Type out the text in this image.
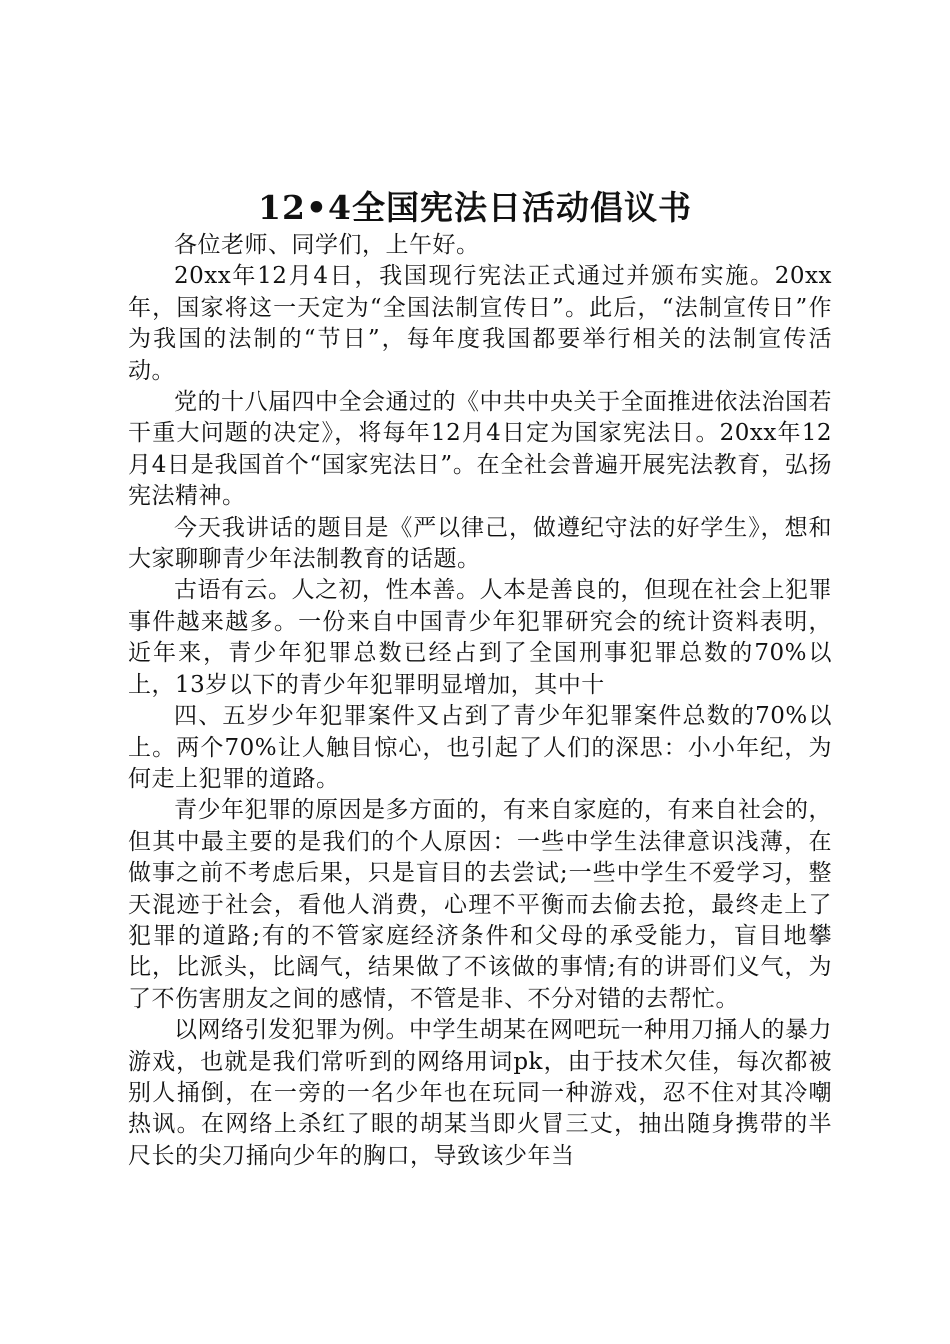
12•4全国宪法日活动倡议书

各位老师、同学们，上午好。

20xx年12月4日，我国现行宪法正式通过并颁布实施。20xx年，国家将这一天定为“全国法制宣传日”。此后，“法制宣传日”作为我国的法制的“节日”，每年度我国都要举行相关的法制宣传活动。

党的十八届四中全会通过的《中共中央关于全面推进依法治国若干重大问题的决定》，将每年12月4日定为国家宪法日。20xx年12月4日是我国首个“国家宪法日”。在全社会普遍开展宪法教育，弘扬宪法精神。

今天我讲话的题目是《严以律己，做遵纪守法的好学生》，想和大家聊聊青少年法制教育的话题。

古语有云。人之初，性本善。人本是善良的，但现在社会上犯罪事件越来越多。一份来自中国青少年犯罪研究会的统计资料表明，近年来，青少年犯罪总数已经占到了全国刑事犯罪总数的70%以上，13岁以下的青少年犯罪明显增加，其中十

四、五岁少年犯罪案件又占到了青少年犯罪案件总数的70%以上。两个70%让人触目惊心，也引起了人们的深思：小小年纪，为何走上犯罪的道路。

青少年犯罪的原因是多方面的，有来自家庭的，有来自社会的，但其中最主要的是我们的个人原因：一些中学生法律意识浅薄，在做事之前不考虑后果，只是盲目的去尝试;一些中学生不爱学习，整天混迹于社会，看他人消费，心理不平衡而去偷去抢，最终走上了犯罪的道路;有的不管家庭经济条件和父母的承受能力，盲目地攀比，比派头，比阔气，结果做了不该做的事情;有的讲哥们义气，为了不伤害朋友之间的感情，不管是非、不分对错的去帮忙。

以网络引发犯罪为例。中学生胡某在网吧玩一种用刀捅人的暴力游戏，也就是我们常听到的网络用词pk，由于技术欠佳，每次都被别人捅倒，在一旁的一名少年也在玩同一种游戏，忍不住对其冷嘲热讽。在网络上杀红了眼的胡某当即火冒三丈，抽出随身携带的半尺长的尖刀捅向少年的胸口，导致该少年当
